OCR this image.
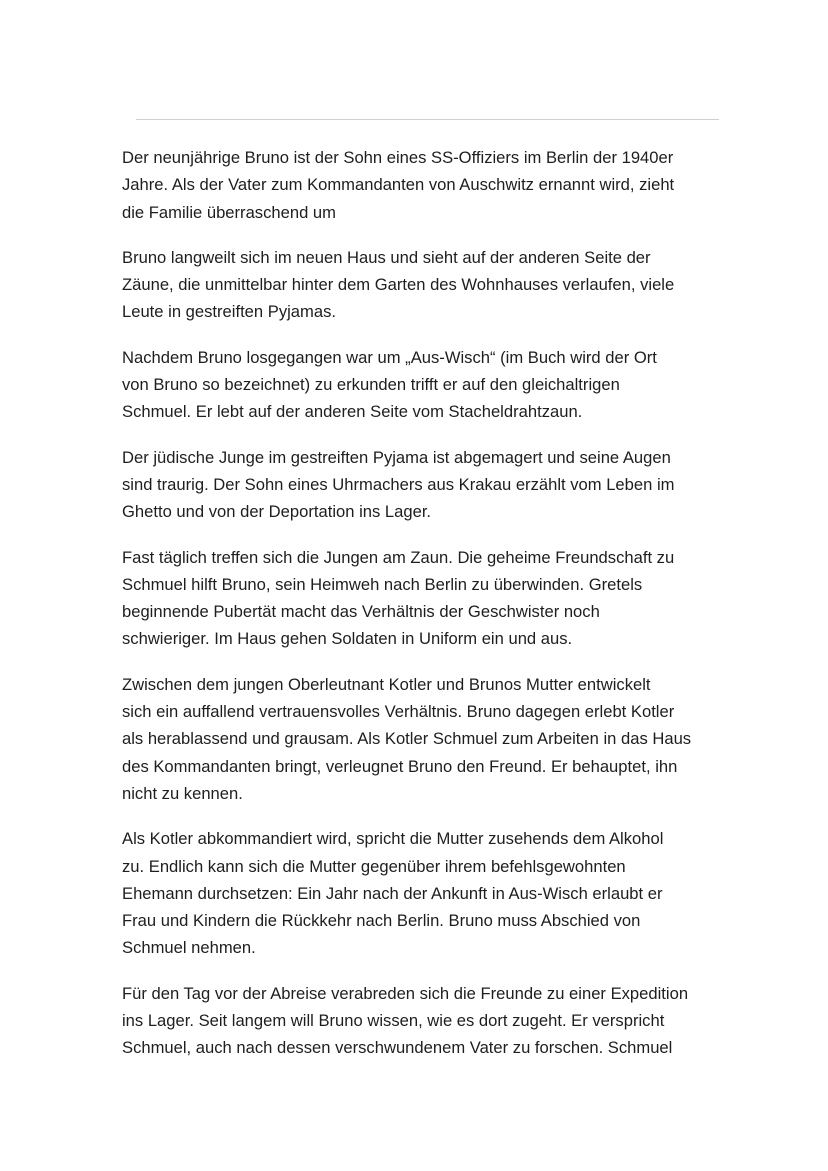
Der neunjährige Bruno ist der Sohn eines SS-Offiziers im Berlin der 1940er
Jahre. Als der Vater zum Kommandanten von Auschwitz ernannt wird, zieht
die Familie überraschend um

Bruno langweilt sich im neuen Haus und sieht auf der anderen Seite der
Zäune, die unmittelbar hinter dem Garten des Wohnhauses verlaufen, viele
Leute in gestreiften Pyjamas.

Nachdem Bruno losgegangen war um „Aus-Wisch“ (im Buch wird der Ort
von Bruno so bezeichnet) zu erkunden trifft er auf den gleichaltrigen
Schmuel. Er lebt auf der anderen Seite vom Stacheldrahtzaun.

Der jüdische Junge im gestreiften Pyjama ist abgemagert und seine Augen
sind traurig. Der Sohn eines Uhrmachers aus Krakau erzählt vom Leben im
Ghetto und von der Deportation ins Lager.

Fast täglich treffen sich die Jungen am Zaun. Die geheime Freundschaft zu
Schmuel hilft Bruno, sein Heimweh nach Berlin zu überwinden. Gretels
beginnende Pubertät macht das Verhältnis der Geschwister noch
schwieriger. Im Haus gehen Soldaten in Uniform ein und aus.

Zwischen dem jungen Oberleutnant Kotler und Brunos Mutter entwickelt
sich ein auffallend vertrauensvolles Verhältnis. Bruno dagegen erlebt Kotler
als herablassend und grausam. Als Kotler Schmuel zum Arbeiten in das Haus
des Kommandanten bringt, verleugnet Bruno den Freund. Er behauptet, ihn
nicht zu kennen.

Als Kotler abkommandiert wird, spricht die Mutter zusehends dem Alkohol
zu. Endlich kann sich die Mutter gegenüber ihrem befehlsgewohnten
Ehemann durchsetzen: Ein Jahr nach der Ankunft in Aus-Wisch erlaubt er
Frau und Kindern die Rückkehr nach Berlin. Bruno muss Abschied von
Schmuel nehmen.

Für den Tag vor der Abreise verabreden sich die Freunde zu einer Expedition
ins Lager. Seit langem will Bruno wissen, wie es dort zugeht. Er verspricht
Schmuel, auch nach dessen verschwundenem Vater zu forschen. Schmuel
